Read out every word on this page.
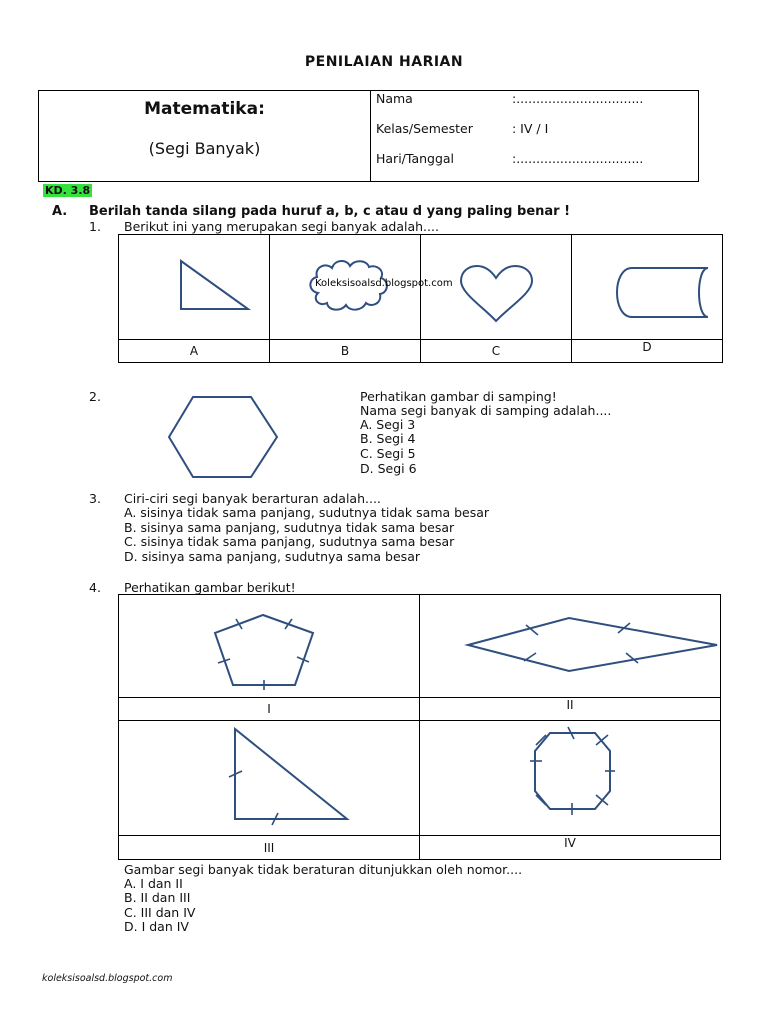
PENILAIAN HARIAN
Matematika:
(Segi Banyak)
Nama	:................................
Kelas/Semester	: IV / I
Hari/Tanggal	:................................
KD. 3.8
A. Berilah tanda silang pada huruf a, b, c atau d yang paling benar !
1. Berikut ini yang merupakan segi banyak adalah....

Koleksisoalsd.blogspot.com

A	B	C	D
2.	Perhatikan gambar di samping!
Nama segi banyak di samping adalah....
A. Segi 3
B. Segi 4
C. Segi 5
D. Segi 6
3. Ciri-ciri segi banyak berarturan adalah....
A. sisinya tidak sama panjang, sudutnya tidak sama besar
B. sisinya sama panjang, sudutnya tidak sama besar
C. sisinya tidak sama panjang, sudutnya sama besar
D. sisinya sama panjang, sudutnya sama besar
4. Perhatikan gambar berikut!

I	II

III	IV
Gambar segi banyak tidak beraturan ditunjukkan oleh nomor....
A. I dan II
B. II dan III
C. III dan IV
D. I dan IV
koleksisoalsd.blogspot.com
